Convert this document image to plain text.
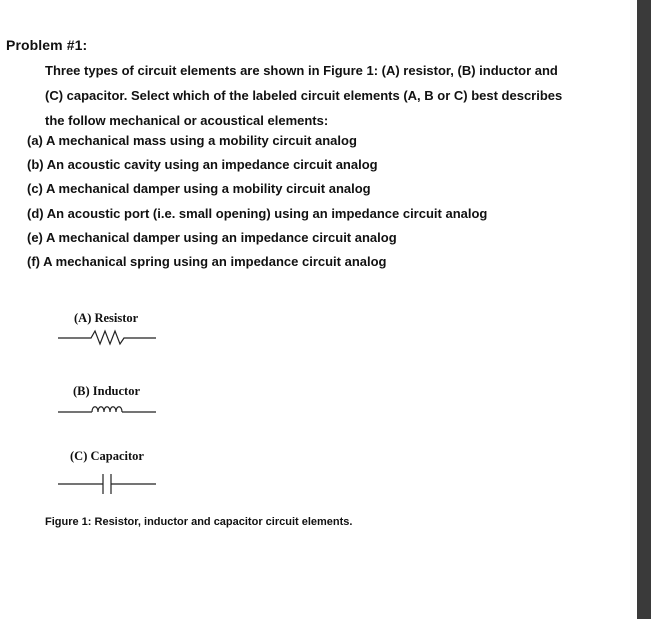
Problem #1:
Three types of circuit elements are shown in Figure 1: (A) resistor, (B) inductor and
(C) capacitor. Select which of the labeled circuit elements (A, B or C) best describes
the follow mechanical or acoustical elements:
(a) A mechanical mass using a mobility circuit analog
(b) An acoustic cavity using an impedance circuit analog
(c) A mechanical damper using a mobility circuit analog
(d) An acoustic port (i.e. small opening) using an impedance circuit analog
(e) A mechanical damper using an impedance circuit analog
(f) A mechanical spring using an impedance circuit analog
(A) Resistor
(B) Inductor
(C) Capacitor
Figure 1: Resistor, inductor and capacitor circuit elements.
